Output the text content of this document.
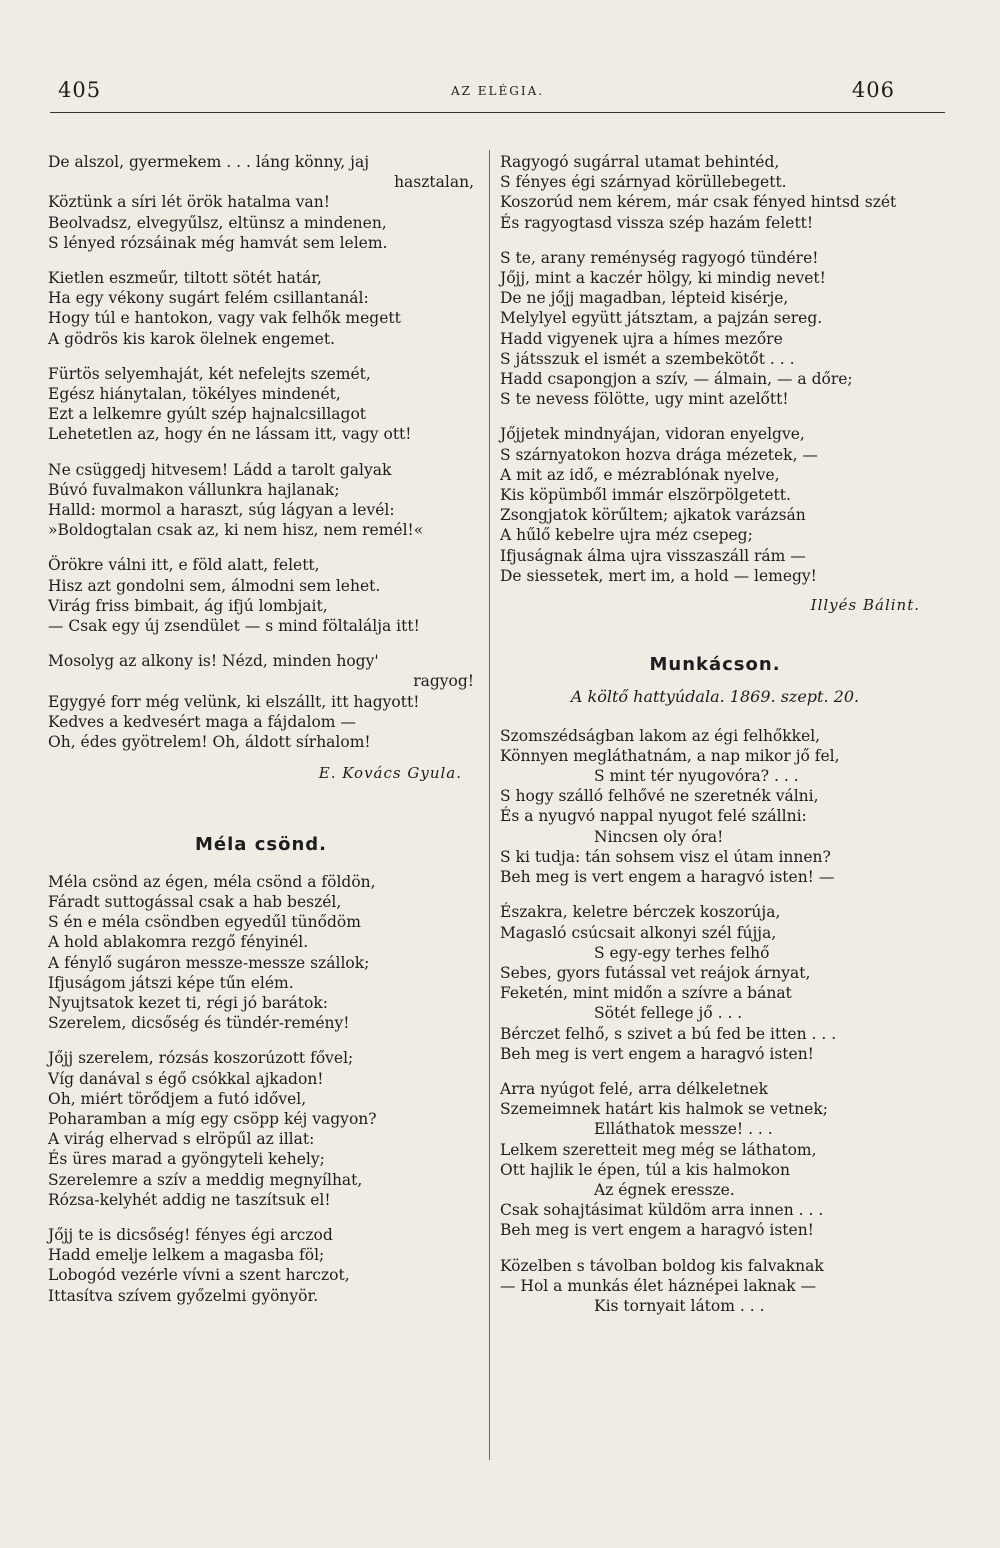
405	AZ ELÉGIA.	406
De alszol, gyermekem . . . láng könny, jaj
hasztalan,
Köztünk a síri lét örök hatalma van!
Beolvadsz, elvegyűlsz, eltünsz a mindenen,
S lényed rózsáinak még hamvát sem lelem.
Kietlen eszmeűr, tiltott sötét határ,
Ha egy vékony sugárt felém csillantanál:
Hogy túl e hantokon, vagy vak felhők megett
A gödrös kis karok ölelnek engemet.
Fürtös selyemhaját, két nefelejts szemét,
Egész hiánytalan, tökélyes mindenét,
Ezt a lelkemre gyúlt szép hajnalcsillagot
Lehetetlen az, hogy én ne lássam itt, vagy ott!
Ne csüggedj hitvesem! Ládd a tarolt galyak
Búvó fuvalmakon vállunkra hajlanak;
Halld: mormol a haraszt, súg lágyan a levél:
»Boldogtalan csak az, ki nem hisz, nem remél!«
Örökre válni itt, e föld alatt, felett,
Hisz azt gondolni sem, álmodni sem lehet.
Virág friss bimbait, ág ifjú lombjait,
— Csak egy új zsendület — s mind föltalálja itt!
Mosolyg az alkony is! Nézd, minden hogy'
ragyog!
Egygyé forr még velünk, ki elszállt, itt hagyott!
Kedves a kedvesért maga a fájdalom —
Oh, édes gyötrelem! Oh, áldott sírhalom!
E. Kovács Gyula.
Méla csönd.
Méla csönd az égen, méla csönd a földön,
Fáradt suttogással csak a hab beszél,
S én e méla csöndben egyedűl tünődöm
A hold ablakomra rezgő fényinél.
A fénylő sugáron messze-messze szállok;
Ifjuságom játszi képe tűn elém.
Nyujtsatok kezet ti, régi jó barátok:
Szerelem, dicsőség és tündér-remény!
Jőjj szerelem, rózsás koszorúzott fővel;
Víg danával s égő csókkal ajkadon!
Oh, miért törődjem a futó idővel,
Poharamban a míg egy csöpp kéj vagyon?
A virág elhervad s elröpűl az illat:
És üres marad a gyöngyteli kehely;
Szerelemre a szív a meddig megnyílhat,
Rózsa-kelyhét addig ne taszítsuk el!
Jőjj te is dicsőség! fényes égi arczod
Hadd emelje lelkem a magasba föl;
Lobogód vezérle vívni a szent harczot,
Ittasítva szívem győzelmi gyönyör.
Ragyogó sugárral utamat behintéd,
S fényes égi szárnyad körüllebegett.
Koszorúd nem kérem, már csak fényed hintsd szét
És ragyogtasd vissza szép hazám felett!
S te, arany reménység ragyogó tündére!
Jőjj, mint a kaczér hölgy, ki mindig nevet!
De ne jőjj magadban, lépteid kisérje,
Melylyel együtt játsztam, a pajzán sereg.
Hadd vigyenek ujra a hímes mezőre
S játsszuk el ismét a szembekötőt . . .
Hadd csapongjon a szív, — álmain, — a dőre;
S te nevess fölötte, ugy mint azelőtt!
Jőjjetek mindnyájan, vidoran enyelgve,
S szárnyatokon hozva drága mézetek, —
A mit az idő, e mézrablónak nyelve,
Kis köpümből immár elszörpölgetett.
Zsongjatok körűltem; ajkatok varázsán
A hűlő kebelre ujra méz csepeg;
Ifjuságnak álma ujra visszaszáll rám —
De siessetek, mert im, a hold — lemegy!
Illyés Bálint.
Munkácson.
A költő hattyúdala. 1869. szept. 20.
Szomszédságban lakom az égi felhőkkel,
Könnyen megláthatnám, a nap mikor jő fel,
S mint tér nyugovóra? . . .
S hogy szálló felhővé ne szeretnék válni,
És a nyugvó nappal nyugot felé szállni:
Nincsen oly óra!
S ki tudja: tán sohsem visz el útam innen?
Beh meg is vert engem a haragvó isten! —
Északra, keletre bérczek koszorúja,
Magasló csúcsait alkonyi szél fújja,
S egy-egy terhes felhő
Sebes, gyors futással vet reájok árnyat,
Feketén, mint midőn a szívre a bánat
Sötét fellege jő . . .
Bérczet felhő, s szivet a bú fed be itten . . .
Beh meg is vert engem a haragvó isten!
Arra nyúgot felé, arra délkeletnek
Szemeimnek határt kis halmok se vetnek;
Elláthatok messze! . . .
Lelkem szeretteit meg még se láthatom,
Ott hajlik le épen, túl a kis halmokon
Az égnek eressze.
Csak sohajtásimat küldöm arra innen . . .
Beh meg is vert engem a haragvó isten!
Közelben s távolban boldog kis falvaknak
— Hol a munkás élet háznépei laknak —
Kis tornyait látom . . .
